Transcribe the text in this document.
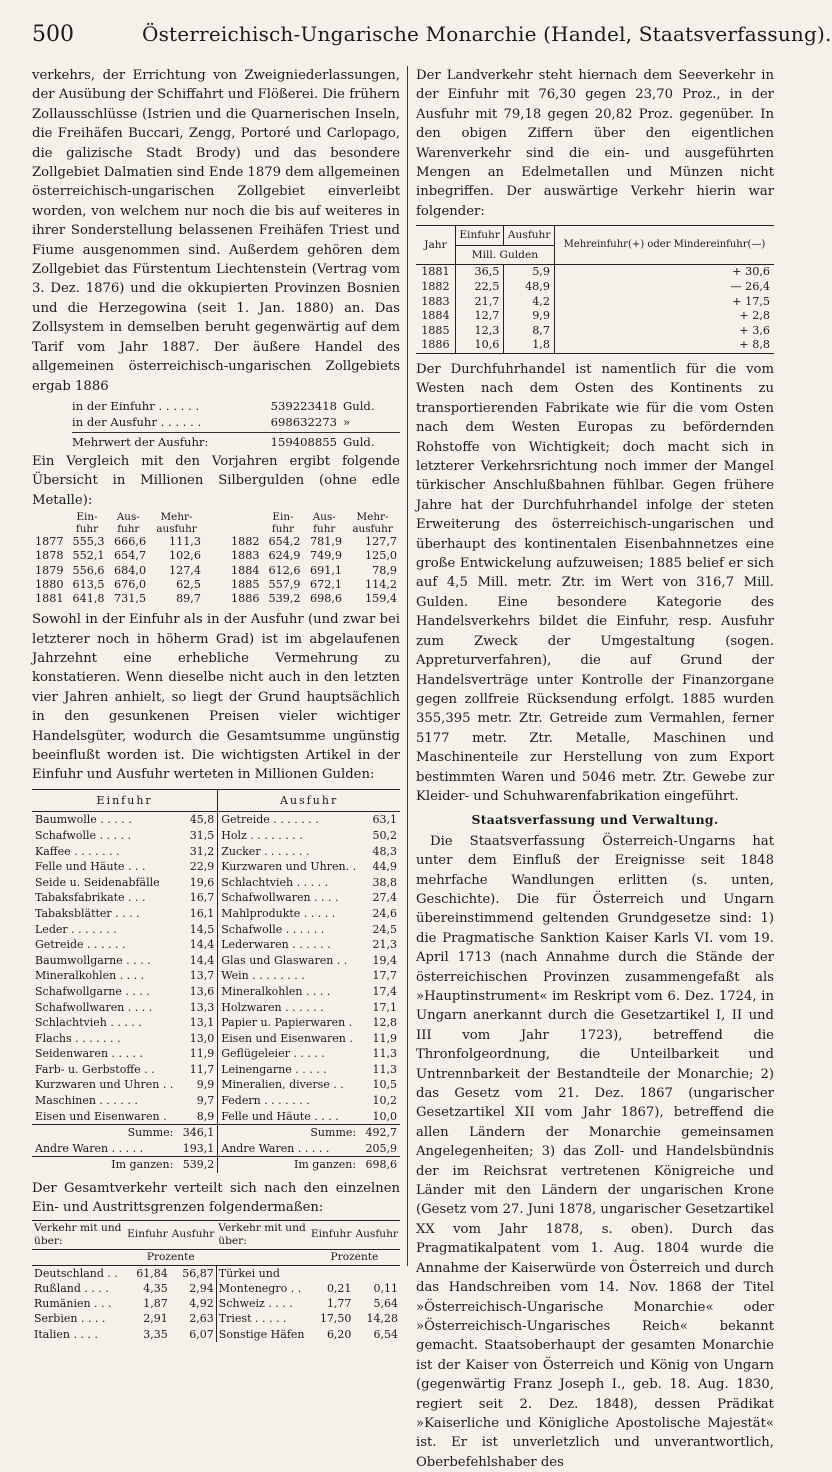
500	Österreichisch-Ungarische Monarchie (Handel, Staatsverfassung).

verkehrs, der Errichtung von Zweigniederlassungen, der Ausübung der Schiffahrt und Flößerei. Die frühern Zollausschlüsse (Istrien und die Quarnerischen Inseln, die Freihäfen Buccari, Zengg, Portoré und Carlopago, die galizische Stadt Brody) und das besondere Zollgebiet Dalmatien sind Ende 1879 dem allgemeinen österreichisch-ungarischen Zollgebiet einverleibt worden, von welchem nur noch die bis auf weiteres in ihrer Sonderstellung belassenen Freihäfen Triest und Fiume ausgenommen sind. Außerdem gehören dem Zollgebiet das Fürstentum Liechtenstein (Vertrag vom 3. Dez. 1876) und die okkupierten Provinzen Bosnien und die Herzegowina (seit 1. Jan. 1880) an. Das Zollsystem in demselben beruht gegenwärtig auf dem Tarif vom Jahr 1887. Der äußere Handel des allgemeinen österreichisch-ungarischen Zollgebiets ergab 1886

in der Einfuhr . . . . . .	539223418 Guld.
in der Ausfuhr . . . . . .	698632273 »
Mehrwert der Ausfuhr:	159408855 Guld.

Ein Vergleich mit den Vorjahren ergibt folgende Übersicht in Millionen Silbergulden (ohne edle Metalle):

	Ein-fuhr	Aus-fuhr	Mehr-ausfuhr			Ein-fuhr	Aus-fuhr	Mehr-ausfuhr
1877	555,3	666,6	111,3		1882	654,2	781,9	127,7
1878	552,1	654,7	102,6		1883	624,9	749,9	125,0
1879	556,6	684,0	127,4		1884	612,6	691,1	78,9
1880	613,5	676,0	62,5		1885	557,9	672,1	114,2
1881	641,8	731,5	89,7		1886	539,2	698,6	159,4

Sowohl in der Einfuhr als in der Ausfuhr (und zwar bei letzterer noch in höherm Grad) ist im abgelaufenen Jahrzehnt eine erhebliche Vermehrung zu konstatieren. Wenn dieselbe nicht auch in den letzten vier Jahren anhielt, so liegt der Grund hauptsächlich in den gesunkenen Preisen vieler wichtiger Handelsgüter, wodurch die Gesamtsumme ungünstig beeinflußt worden ist. Die wichtigsten Artikel in der Einfuhr und Ausfuhr werteten in Millionen Gulden:

Einfuhr		Ausfuhr	
Baumwolle . . . . .	45,8	Getreide . . . . . . .	63,1
Schafwolle . . . . .	31,5	Holz . . . . . . . .	50,2
Kaffee . . . . . . .	31,2	Zucker . . . . . . .	48,3
Felle und Häute . . .	22,9	Kurzwaren und Uhren. .	44,9
Seide u. Seidenabfälle	19,6	Schlachtvieh . . . . .	38,8
Tabaksfabrikate . . .	16,7	Schafwollwaren . . . .	27,4
Tabaksblätter . . . .	16,1	Mahlprodukte . . . . .	24,6
Leder . . . . . . .	14,5	Schafwolle . . . . . .	24,5
Getreide . . . . . .	14,4	Lederwaren . . . . . .	21,3
Baumwollgarne . . . .	14,4	Glas und Glaswaren . .	19,4
Mineralkohlen . . . .	13,7	Wein . . . . . . . .	17,7
Schafwollgarne . . . .	13,6	Mineralkohlen . . . .	17,4
Schafwollwaren . . . .	13,3	Holzwaren . . . . . .	17,1
Schlachtvieh . . . . .	13,1	Papier u. Papierwaren .	12,8
Flachs . . . . . . .	13,0	Eisen und Eisenwaren .	11,9
Seidenwaren . . . . .	11,9	Geflügeleier . . . . .	11,3
Farb- u. Gerbstoffe . .	11,7	Leinengarne . . . . .	11,3
Kurzwaren und Uhren . .	9,9	Mineralien, diverse . .	10,5
Maschinen . . . . . .	9,7	Federn . . . . . . .	10,2
Eisen und Eisenwaren .	8,9	Felle und Häute . . . .	10,0
Summe:	346,1	Summe:	492,7
Andre Waren . . . . .	193,1	Andre Waren . . . . .	205,9
Im ganzen:	539,2	Im ganzen:	698,6

Der Gesamtverkehr verteilt sich nach den einzelnen Ein- und Austrittsgrenzen folgendermaßen:

Verkehr mit und über:	Einfuhr	Ausfuhr	Verkehr mit und über:	Einfuhr	Ausfuhr
	Prozente			Prozente	
Deutschland . .	61,84	56,87	Türkei und		
Rußland . . . .	4,35	2,94	Montenegro . .	0,21	0,11
Rumänien . . .	1,87	4,92	Schweiz . . . .	1,77	5,64
Serbien . . . .	2,91	2,63	Triest . . . . .	17,50	14,28
Italien . . . .	3,35	6,07	Sonstige Häfen	6,20	6,54

Der Landverkehr steht hiernach dem Seeverkehr in der Einfuhr mit 76,30 gegen 23,70 Proz., in der Ausfuhr mit 79,18 gegen 20,82 Proz. gegenüber. In den obigen Ziffern über den eigentlichen Warenverkehr sind die ein- und ausgeführten Mengen an Edelmetallen und Münzen nicht inbegriffen. Der auswärtige Verkehr hierin war folgender:

Jahr	Einfuhr	Ausfuhr	Mehreinfuhr(+) oder Mindereinfuhr(—)
	Mill. Gulden		
1881	36,5	5,9	+ 30,6
1882	22,5	48,9	— 26,4
1883	21,7	4,2	+ 17,5
1884	12,7	9,9	+ 2,8
1885	12,3	8,7	+ 3,6
1886	10,6	1,8	+ 8,8

Der Durchfuhrhandel ist namentlich für die vom Westen nach dem Osten des Kontinents zu transportierenden Fabrikate wie für die vom Osten nach dem Westen Europas zu befördernden Rohstoffe von Wichtigkeit; doch macht sich in letzterer Verkehrsrichtung noch immer der Mangel türkischer Anschlußbahnen fühlbar. Gegen frühere Jahre hat der Durchfuhrhandel infolge der steten Erweiterung des österreichisch-ungarischen und überhaupt des kontinentalen Eisenbahnnetzes eine große Entwickelung aufzuweisen; 1885 belief er sich auf 4,5 Mill. metr. Ztr. im Wert von 316,7 Mill. Gulden. Eine besondere Kategorie des Handelsverkehrs bildet die Einfuhr, resp. Ausfuhr zum Zweck der Umgestaltung (sogen. Appreturverfahren), die auf Grund der Handelsverträge unter Kontrolle der Finanzorgane gegen zollfreie Rücksendung erfolgt. 1885 wurden 355,395 metr. Ztr. Getreide zum Vermahlen, ferner 5177 metr. Ztr. Metalle, Maschinen und Maschinenteile zur Herstellung von zum Export bestimmten Waren und 5046 metr. Ztr. Gewebe zur Kleider- und Schuhwarenfabrikation eingeführt.

Staatsverfassung und Verwaltung.

Die Staatsverfassung Österreich-Ungarns hat unter dem Einfluß der Ereignisse seit 1848 mehrfache Wandlungen erlitten (s. unten, Geschichte). Die für Österreich und Ungarn übereinstimmend geltenden Grundgesetze sind: 1) die Pragmatische Sanktion Kaiser Karls VI. vom 19. April 1713 (nach Annahme durch die Stände der österreichischen Provinzen zusammengefaßt als »Hauptinstrument« im Reskript vom 6. Dez. 1724, in Ungarn anerkannt durch die Gesetzartikel I, II und III vom Jahr 1723), betreffend die Thronfolgeordnung, die Unteilbarkeit und Untrennbarkeit der Bestandteile der Monarchie; 2) das Gesetz vom 21. Dez. 1867 (ungarischer Gesetzartikel XII vom Jahr 1867), betreffend die allen Ländern der Monarchie gemeinsamen Angelegenheiten; 3) das Zoll- und Handelsbündnis der im Reichsrat vertretenen Königreiche und Länder mit den Ländern der ungarischen Krone (Gesetz vom 27. Juni 1878, ungarischer Gesetzartikel XX vom Jahr 1878, s. oben). Durch das Pragmatikalpatent vom 1. Aug. 1804 wurde die Annahme der Kaiserwürde von Österreich und durch das Handschreiben vom 14. Nov. 1868 der Titel »Österreichisch-Ungarische Monarchie« oder »Österreichisch-Ungarisches Reich« bekannt gemacht. Staatsoberhaupt der gesamten Monarchie ist der Kaiser von Österreich und König von Ungarn (gegenwärtig Franz Joseph I., geb. 18. Aug. 1830, regiert seit 2. Dez. 1848), dessen Prädikat »Kaiserliche und Königliche Apostolische Majestät« ist. Er ist unverletzlich und unverantwortlich, Oberbefehlshaber des
